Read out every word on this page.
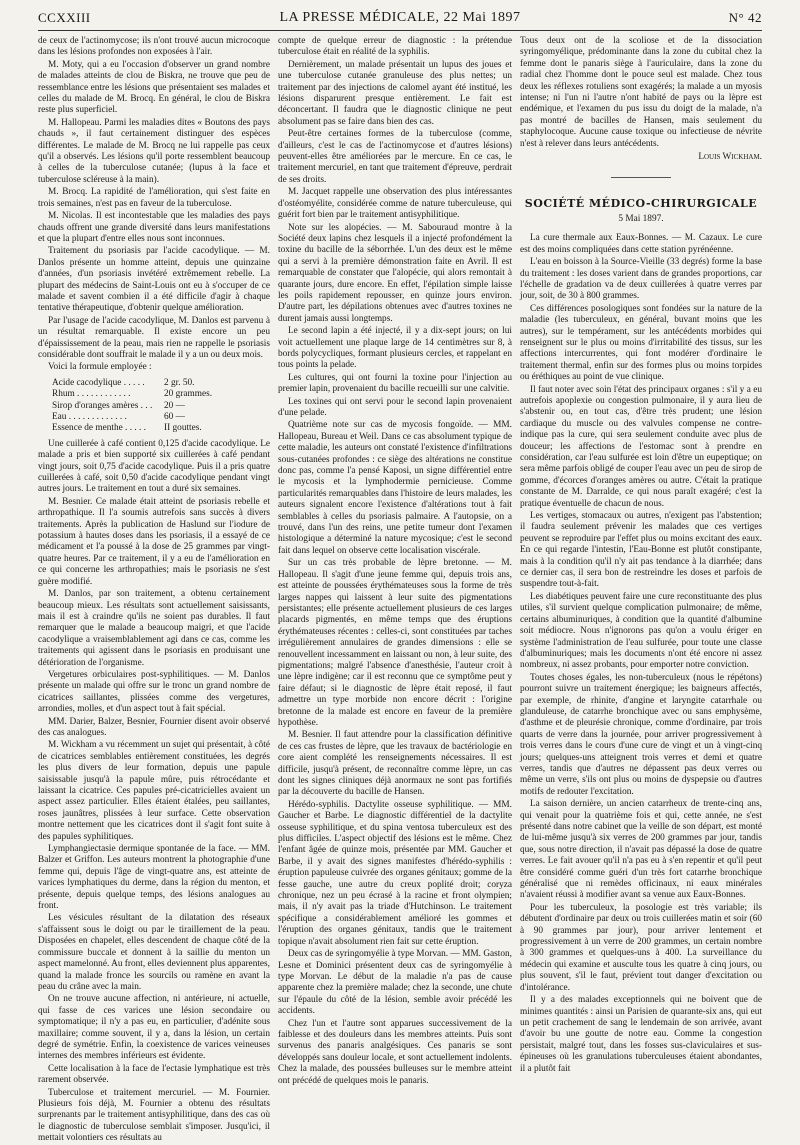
CCXXIII	LA PRESSE MÉDICALE, 22 Mai 1897	N° 42

de ceux de l'actinomycose; ils n'ont trouvé aucun microcoque dans les lésions profondes non exposées à l'air.

M. Moty, qui a eu l'occasion d'observer un grand nombre de malades atteints de clou de Biskra, ne trouve que peu de ressemblance entre les lésions que présentaient ses malades et celles du malade de M. Brocq. En général, le clou de Biskra reste plus superficiel.

M. Hallopeau. Parmi les maladies dites « Boutons des pays chauds », il faut certainement distinguer des espèces différentes. Le malade de M. Brocq ne lui rappelle pas ceux qu'il a observés. Les lésions qu'il porte ressemblent beaucoup à celles de la tuberculose cutanée; (lupus à la face et tuberculose scléreuse à la main).

M. Brocq. La rapidité de l'amélioration, qui s'est faite en trois semaines, n'est pas en faveur de la tuberculose.

M. Nicolas. Il est incontestable que les maladies des pays chauds offrent une grande diversité dans leurs manifestations et que la plupart d'entre elles nous sont inconnues.

Traitement du psoriasis par l'acide cacodylique. — M. Danlos présente un homme atteint, depuis une quinzaine d'années, d'un psoriasis invétéré extrêmement rebelle. La plupart des médecins de Saint-Louis ont eu à s'occuper de ce malade et savent combien il a été difficile d'agir à chaque tentative thérapeutique, d'obtenir quelque amélioration.

Par l'usage de l'acide cacodylique, M. Danlos est parvenu à un résultat remarquable. Il existe encore un peu d'épaississement de la peau, mais rien ne rappelle le psoriasis considérable dont souffrait le malade il y a un ou deux mois.

Voici la formule employée :

Acide cacodylique . . . . .	2 gr. 50.
Rhum . . . . . . . . . . . .	20 grammes.
Sirop d'oranges amères . . .	20 —
Eau . . . . . . . . . . . . .	60 —
Essence de menthe . . . . .	II gouttes.

Une cuillerée à café contient 0,125 d'acide cacodylique. Le malade a pris et bien supporté six cuillerées à café pendant vingt jours, soit 0,75 d'acide cacodylique. Puis il a pris quatre cuillerées à café, soit 0,50 d'acide cacodylique pendant vingt autres jours. Le traitement en tout a duré six semaines.

M. Besnier. Ce malade était atteint de psoriasis rebelle et arthropathique. Il l'a soumis autrefois sans succès à divers traitements. Après la publication de Haslund sur l'iodure de potassium à hautes doses dans les psoriasis, il a essayé de ce médicament et l'a poussé à la dose de 25 grammes par vingt-quatre heures. Par ce traitement, il y a eu de l'amélioration en ce qui concerne les arthropathies; mais le psoriasis ne s'est guère modifié.

M. Danlos, par son traitement, a obtenu certainement beaucoup mieux. Les résultats sont actuellement saisissants, mais il est à craindre qu'ils ne soient pas durables. Il faut remarquer que le malade a beaucoup maigri, et que l'acide cacodylique a vraisemblablement agi dans ce cas, comme les traitements qui agissent dans le psoriasis en produisant une détérioration de l'organisme.

Vergetures orbiculaires post-syphilitiques. — M. Danlos présente un malade qui offre sur le tronc un grand nombre de cicatrices saillantes, plissées comme des vergetures, arrondies, molles, et d'un aspect tout à fait spécial.

MM. Darier, Balzer, Besnier, Fournier disent avoir observé des cas analogues.

M. Wickham a vu récemment un sujet qui présentait, à côté de cicatrices semblables entièrement constituées, les degrés les plus divers de leur formation, depuis une papule saisissable jusqu'à la papule mûre, puis rétrocédante et laissant la cicatrice. Ces papules pré-cicatricielles avaient un aspect assez particulier. Elles étaient étalées, peu saillantes, roses jaunâtres, plissées à leur surface. Cette observation montre nettement que les cicatrices dont il s'agit font suite à des papules syphilitiques.

Lymphangiectasie dermique spontanée de la face. — MM. Balzer et Griffon. Les auteurs montrent la photographie d'une femme qui, depuis l'âge de vingt-quatre ans, est atteinte de varices lymphatiques du derme, dans la région du menton, et présente, depuis quelque temps, des lésions analogues au front.

Les vésicules résultant de la dilatation des réseaux s'affaissent sous le doigt ou par le tiraillement de la peau. Disposées en chapelet, elles descendent de chaque côté de la commissure buccale et donnent à la saillie du menton un aspect mamelonné. Au front, elles deviennent plus apparentes, quand la malade fronce les sourcils ou ramène en avant la peau du crâne avec la main.

On ne trouve aucune affection, ni antérieure, ni actuelle, qui fasse de ces varices une lésion secondaire ou symptomatique; il n'y a pas eu, en particulier, d'adénite sous maxillaire; comme souvent, il y a, dans la lésion, un certain degré de symétrie. Enfin, la coexistence de varices veineuses internes des membres inférieurs est évidente.

Cette localisation à la face de l'ectasie lymphatique est très rarement observée.

Tuberculose et traitement mercuriel. — M. Fournier. Plusieurs fois déjà, M. Fournier a obtenu des résultats surprenants par le traitement antisyphilitique, dans des cas où le diagnostic de tuberculose semblait s'imposer. Jusqu'ici, il mettait volontiers ces résultats au

compte de quelque erreur de diagnostic : la prétendue tuberculose était en réalité de la syphilis.

Dernièrement, un malade présentait un lupus des joues et une tuberculose cutanée granuleuse des plus nettes; un traitement par des injections de calomel ayant été institué, les lésions disparurent presque entièrement. Le fait est déconcertant. Il faudra que le diagnostic clinique ne peut absolument pas se faire dans bien des cas.

Peut-être certaines formes de la tuberculose (comme, d'ailleurs, c'est le cas de l'actinomycose et d'autres lésions) peuvent-elles être améliorées par le mercure. En ce cas, le traitement mercuriel, en tant que traitement d'épreuve, perdrait de ses droits.

M. Jacquet rappelle une observation des plus intéressantes d'ostéomyélite, considérée comme de nature tuberculeuse, qui guérit fort bien par le traitement antisyphilitique.

Note sur les alopécies. — M. Sabouraud montre à la Société deux lapins chez lesquels il a injecté profondément la toxine du bacille de la séborrhée. L'un des deux est le même qui a servi à la première démonstration faite en Avril. Il est remarquable de constater que l'alopécie, qui alors remontait à quarante jours, dure encore. En effet, l'épilation simple laisse les poils rapidement repousser, en quinze jours environ. D'autre part, les dépilations obtenues avec d'autres toxines ne durent jamais aussi longtemps.

Le second lapin a été injecté, il y a dix-sept jours; on lui voit actuellement une plaque large de 14 centimètres sur 8, à bords polycycliques, formant plusieurs cercles, et rappelant en tous points la pelade.

Les cultures, qui ont fourni la toxine pour l'injection au premier lapin, provenaient du bacille recueilli sur une calvitie.

Les toxines qui ont servi pour le second lapin provenaient d'une pelade.

Quatrième note sur cas de mycosis fongoïde. — MM. Hallopeau, Bureau et Weil. Dans ce cas absolument typique de cette maladie, les auteurs ont constaté l'existence d'infiltrations sous-cutanées profondes : ce siège des altérations ne constitue donc pas, comme l'a pensé Kaposi, un signe différentiel entre le mycosis et la lymphodermie pernicieuse. Comme particularités remarquables dans l'histoire de leurs malades, les auteurs signalent encore l'existence d'altérations tout à fait semblables à celles du psoriasis palmaire. A l'autopsie, on a trouvé, dans l'un des reins, une petite tumeur dont l'examen histologique a déterminé la nature mycosique; c'est le second fait dans lequel on observe cette localisation viscérale.

Sur un cas très probable de lèpre bretonne. — M. Hallopeau. Il s'agit d'une jeune femme qui, depuis trois ans, est atteinte de poussées érythémateuses sous la forme de très larges nappes qui laissent à leur suite des pigmentations persistantes; elle présente actuellement plusieurs de ces larges placards pigmentés, en même temps que des éruptions érythémateuses récentes : celles-ci, sont constituées par taches irrégulièrement annulaires de grandes dimensions : elle se renouvellent incessamment en laissant ou non, à leur suite, des pigmentations; malgré l'absence d'anesthésie, l'auteur croit à une lèpre indigène; car il est reconnu que ce symptôme peut y faire défaut; si le diagnostic de lèpre était reposé, il faut admettre un type morbide non encore décrit : l'origine bretonne de la malade est encore en faveur de la première hypothèse.

M. Besnier. Il faut attendre pour la classification définitive de ces cas frustes de lèpre, que les travaux de bactériologie en core aient complété les renseignements nécessaires. Il est difficile, jusqu'à présent, de reconnaître comme lèpre, un cas dont les signes cliniques déjà anormaux ne sont pas fortifiés par la découverte du bacille de Hansen.

Hérédo-syphilis. Dactylite osseuse syphilitique. — MM. Gaucher et Barbe. Le diagnostic différentiel de la dactylite osseuse syphilitique, et du spina ventosa tuberculeux est des plus difficiles. L'aspect objectif des lésions est le même. Chez l'enfant âgée de quinze mois, présentée par MM. Gaucher et Barbe, il y avait des signes manifestes d'hérédo-syphilis : éruption papuleuse cuivrée des organes génitaux; gomme de la fesse gauche, une autre du creux poplité droit; coryza chronique, nez un peu écrasé à la racine et front olympien; mais, il n'y avait pas la triade d'Hutchinson. Le traitement spécifique a considérablement amélioré les gommes et l'éruption des organes génitaux, tandis que le traitement topique n'avait absolument rien fait sur cette éruption.

Deux cas de syringomyélie à type Morvan. — MM. Gaston, Lesne et Dominici présentent deux cas de syringomyélie à type Morvan. Le début de la maladie n'a pas de cause apparente chez la première malade; chez la seconde, une chute sur l'épaule du côté de la lésion, semble avoir précédé les accidents.

Chez l'un et l'autre sont apparues successivement de la faiblesse et des douleurs dans les membres atteints. Puis sont survenus des panaris analgésiques. Ces panaris se sont développés sans douleur locale, et sont actuellement indolents. Chez la malade, des poussées bulleuses sur le membre atteint ont précédé de quelques mois le panaris.

Tous deux ont de la scoliose et de la dissociation syringomyélique, prédominante dans la zone du cubital chez la femme dont le panaris siège à l'auriculaire, dans la zone du radial chez l'homme dont le pouce seul est malade. Chez tous deux les réflexes rotuliens sont exagérés; la malade a un myosis intense; ni l'un ni l'autre n'ont habité de pays ou la lèpre est endémique, et l'examen du pus issu du doigt de la malade, n'a pas montré de bacilles de Hansen, mais seulement du staphylocoque. Aucune cause toxique ou infectieuse de névrite n'est à relever dans leurs antécédents.

Louis Wickham.
SOCIÉTÉ MÉDICO-CHIRURGICALE
5 Mai 1897.

La cure thermale aux Eaux-Bonnes. — M. Cazaux. Le cure est des moins compliquées dans cette station pyrénéenne.

L'eau en boisson à la Source-Vieille (33 degrés) forme la base du traitement : les doses varient dans de grandes proportions, car l'échelle de gradation va de deux cuillerées à quatre verres par jour, soit, de 30 à 800 grammes.

Ces différences posologiques sont fondées sur la nature de la maladie (les tuberculeux, en général, buvant moins que les autres), sur le tempérament, sur les antécédents morbides qui renseignent sur le plus ou moins d'irritabilité des tissus, sur les affections intercurrentes, qui font modérer d'ordinaire le traitement thermal, enfin sur des formes plus ou moins torpides ou éréthiques au point de vue clinique.

Il faut noter avec soin l'état des principaux organes : s'il y a eu autrefois apoplexie ou congestion pulmonaire, il y aura lieu de s'abstenir ou, en tout cas, d'être très prudent; une lésion cardiaque du muscle ou des valvules compense ne contre-indique pas la cure, qui sera seulement conduite avec plus de douceur; les affections de l'estomac sont à prendre en considération, car l'eau sulfurée est loin d'être un eupeptique; on sera même parfois obligé de couper l'eau avec un peu de sirop de gomme, d'écorces d'oranges amères ou autre. C'était la pratique constante de M. Darralde, ce qui nous paraît exagéré; c'est la pratique éventuelle de chacun de nous.

Les vertiges, stomacaux ou autres, n'exigent pas l'abstention; il faudra seulement prévenir les malades que ces vertiges peuvent se reproduire par l'effet plus ou moins excitant des eaux. En ce qui regarde l'intestin, l'Eau-Bonne est plutôt constipante, mais à la condition qu'il n'y ait pas tendance à la diarrhée; dans ce dernier cas, il sera bon de restreindre les doses et parfois de suspendre tout-à-fait.

Les diabétiques peuvent faire une cure reconstituante des plus utiles, s'il survient quelque complication pulmonaire; de même, certains albuminuriques, à condition que la quantité d'albumine soit médiocre. Nous n'ignorons pas qu'on a voulu ériger en système l'administration de l'eau sulfurée, pour toute une classe d'albuminuriques; mais les documents n'ont été encore ni assez nombreux, ni assez probants, pour emporter notre conviction.

Toutes choses égales, les non-tuberculeux (nous le répétons) pourront suivre un traitement énergique; les baigneurs affectés, par exemple, de rhinite, d'angine et laryngite catarrhale ou glanduleuse, de catarrhe bronchique avec ou sans emphysème, d'asthme et de pleurésie chronique, comme d'ordinaire, par trois quarts de verre dans la journée, pour arriver progressivement à trois verres dans le cours d'une cure de vingt et un à vingt-cinq jours; quelques-uns atteignent trois verres et demi et quatre verres, tandis que d'autres ne dépassent pas deux verres ou même un verre, s'ils ont plus ou moins de dyspepsie ou d'autres motifs de redouter l'excitation.

La saison dernière, un ancien catarrheux de trente-cinq ans, qui venait pour la quatrième fois et qui, cette année, ne s'est présenté dans notre cabinet que la veille de son départ, est monté de lui-même jusqu'à six verres de 200 grammes par jour, tandis que, sous notre direction, il n'avait pas dépassé la dose de quatre verres. Le fait avouer qu'il n'a pas eu à s'en repentir et qu'il peut être considéré comme guéri d'un très fort catarrhe bronchique généralisé que ni remèdes officinaux, ni eaux minérales n'avaient réussi à modifier avant sa venue aux Eaux-Bonnes.

Pour les tuberculeux, la posologie est très variable; ils débutent d'ordinaire par deux ou trois cuillerées matin et soir (60 à 90 grammes par jour), pour arriver lentement et progressivement à un verre de 200 grammes, un certain nombre à 300 grammes et quelques-uns à 400. La surveillance du médecin qui examine et ausculte tous les quatre à cinq jours, ou plus souvent, s'il le faut, prévient tout danger d'excitation ou d'intolérance.

Il y a des malades exceptionnels qui ne boivent que de minimes quantités : ainsi un Parisien de quarante-six ans, qui eut un petit crachement de sang le lendemain de son arrivée, avant d'avoir bu une goutte de notre eau. Comme la congestion persistait, malgré tout, dans les fosses sus-claviculaires et sus-épineuses où les granulations tuberculeuses étaient abondantes, il a plutôt fait
